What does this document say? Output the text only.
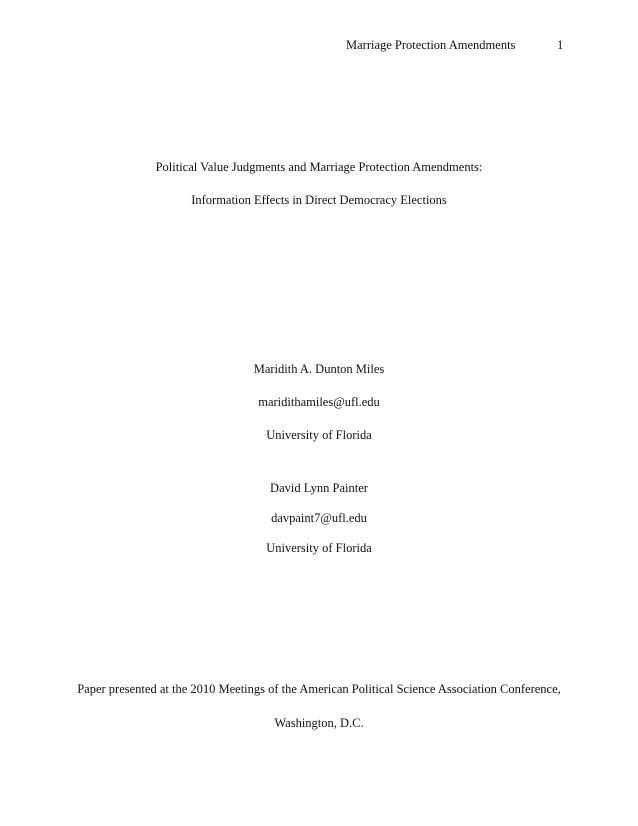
Marriage Protection Amendments	1
Political Value Judgments and Marriage Protection Amendments:
Information Effects in Direct Democracy Elections
Maridith A. Dunton Miles
maridithamiles@ufl.edu
University of Florida
David Lynn Painter
davpaint7@ufl.edu
University of Florida
Paper presented at the 2010 Meetings of the American Political Science Association Conference,
Washington, D.C.
